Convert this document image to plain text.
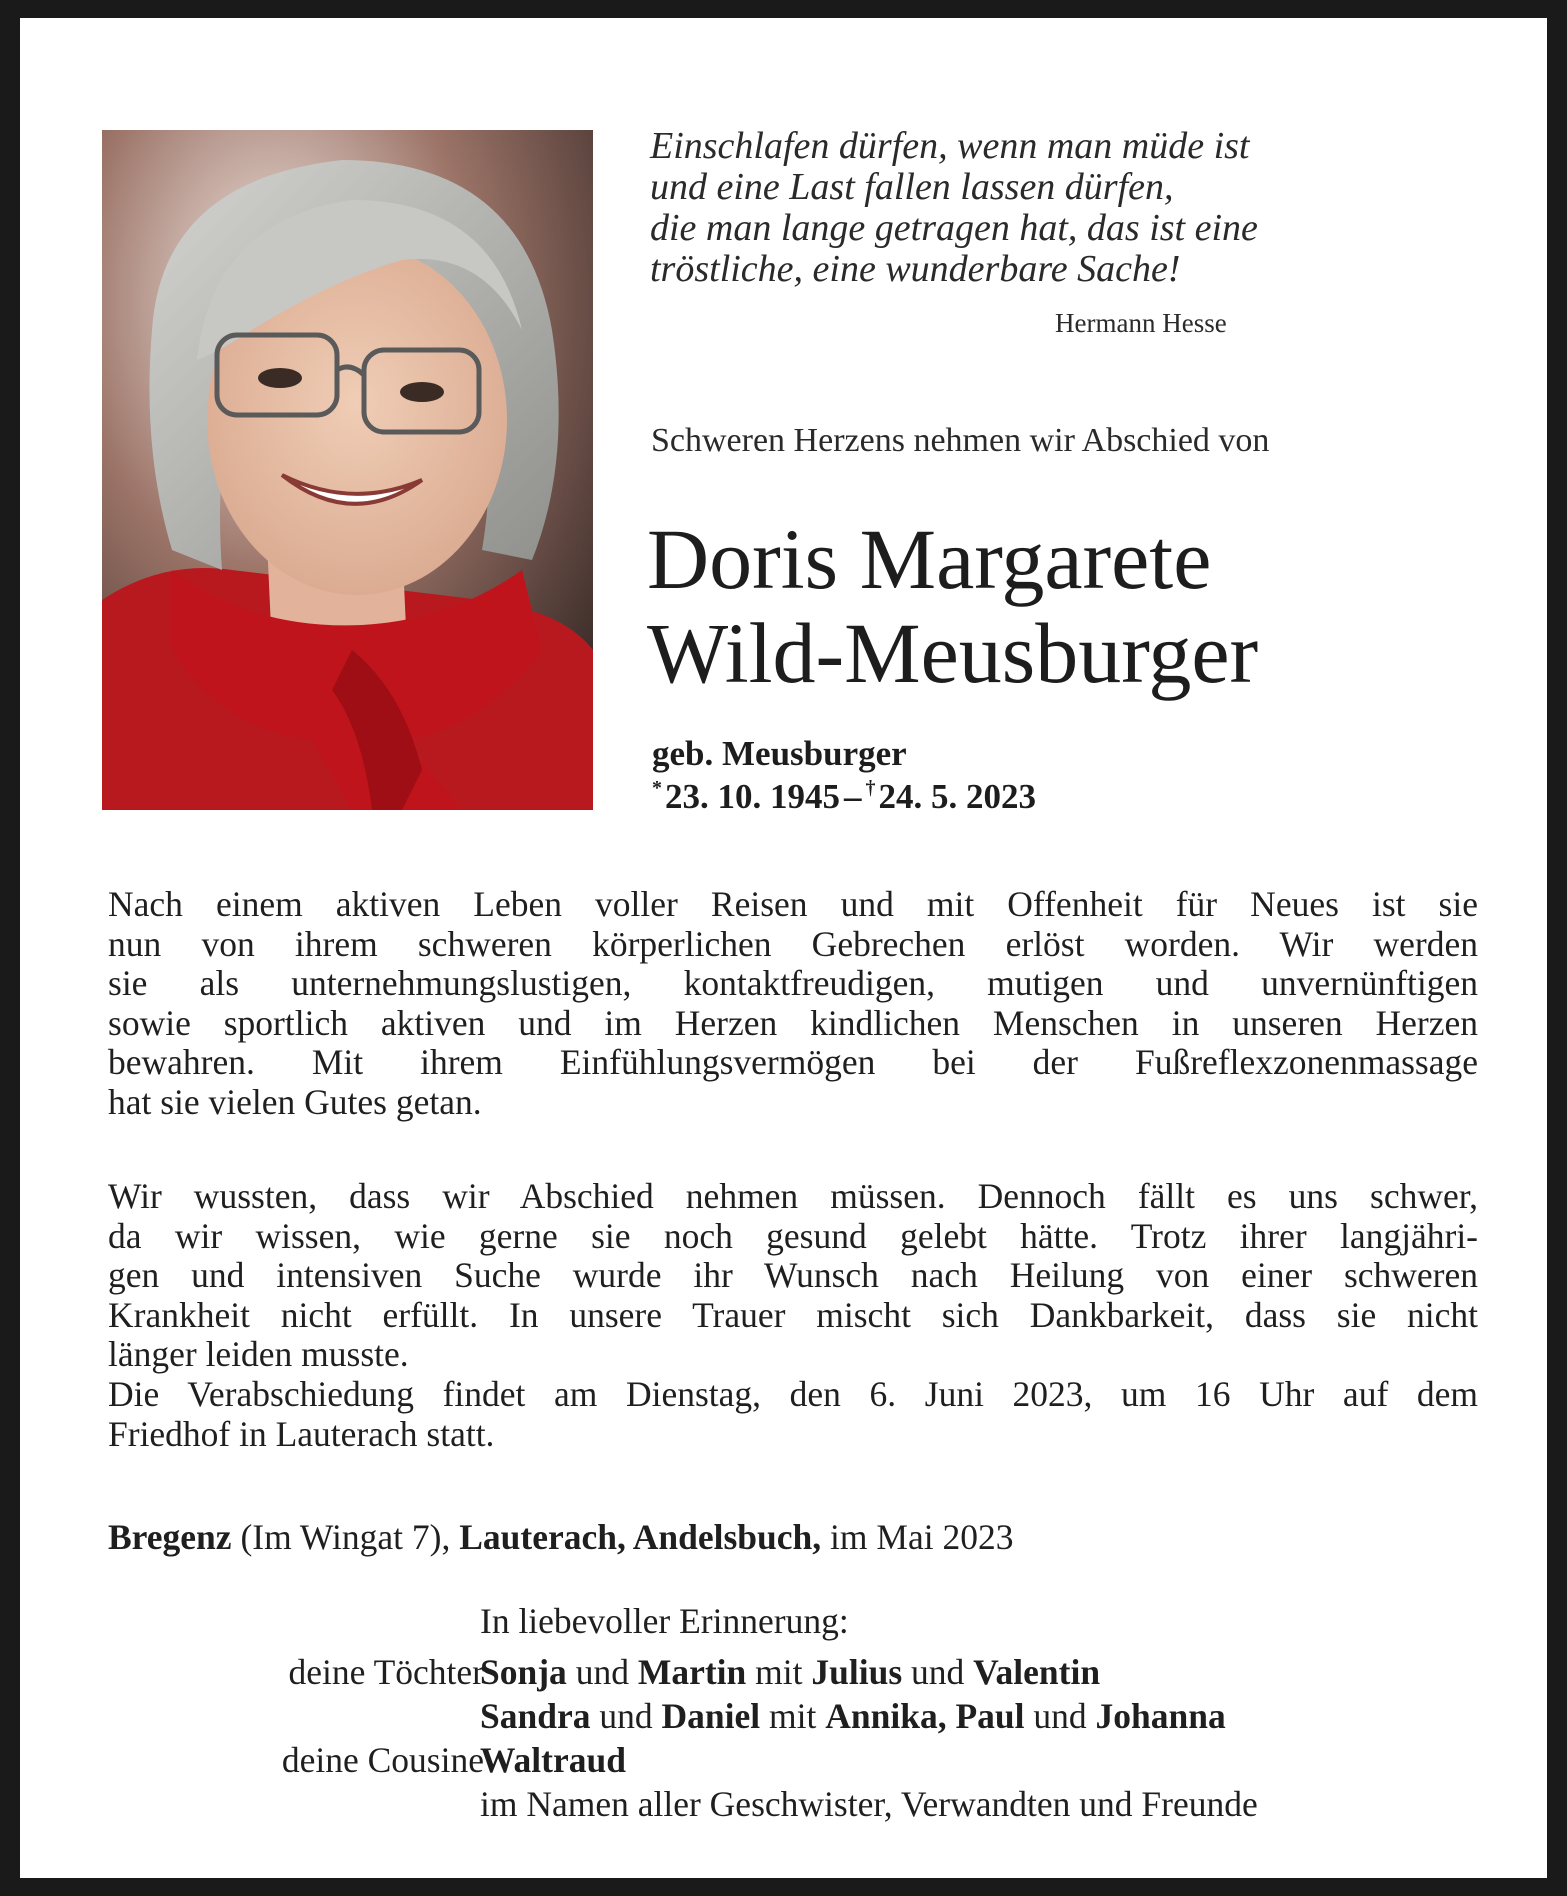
Einschlafen dürfen, wenn man müde ist
und eine Last fallen lassen dürfen,
die man lange getragen hat, das ist eine
tröstliche, eine wunderbare Sache!
Hermann Hesse
Schweren Herzens nehmen wir Abschied von
Doris Margarete
Wild-Meusburger
geb. Meusburger
*23. 10. 1945 – †24. 5. 2023
Nach einem aktiven Leben voller Reisen und mit Offenheit für Neues ist sie
nun von ihrem schweren körperlichen Gebrechen erlöst worden. Wir werden
sie als unternehmungslustigen, kontaktfreudigen, mutigen und unvernünftigen
sowie sportlich aktiven und im Herzen kindlichen Menschen in unseren Herzen
bewahren. Mit ihrem Einfühlungsvermögen bei der Fußreflexzonenmassage
hat sie vielen Gutes getan.
Wir wussten, dass wir Abschied nehmen müssen. Dennoch fällt es uns schwer,
da wir wissen, wie gerne sie noch gesund gelebt hätte. Trotz ihrer langjähri-
gen und intensiven Suche wurde ihr Wunsch nach Heilung von einer schweren
Krankheit nicht erfüllt. In unsere Trauer mischt sich Dankbarkeit, dass sie nicht
länger leiden musste.
Die Verabschiedung findet am Dienstag, den 6. Juni 2023, um 16 Uhr auf dem
Friedhof in Lauterach statt.
Bregenz (Im Wingat 7), Lauterach, Andelsbuch, im Mai 2023
In liebevoller Erinnerung:
deine Töchter
Sonja und Martin mit Julius und Valentin
Sandra und Daniel mit Annika, Paul und Johanna
deine Cousine
Waltraud
im Namen aller Geschwister, Verwandten und Freunde
